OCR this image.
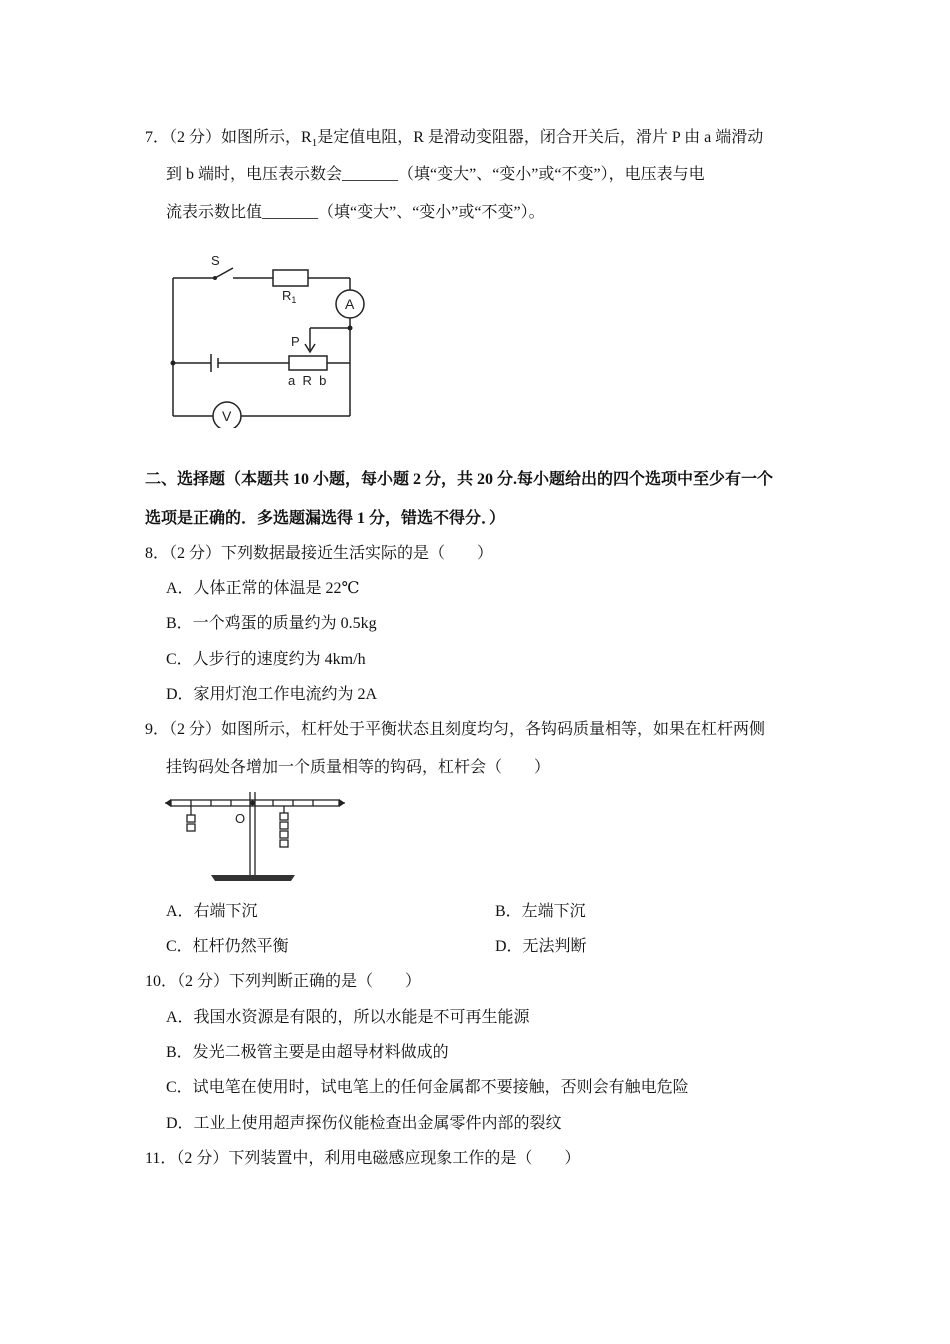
7．（2 分）如图所示，$R_1$是定值电阻，R 是滑动变阻器，闭合开关后，滑片 P 由 a 端滑动
到 b 端时，电压表示数会_______（填“变大”、“变小”或“不变”），电压表与电
流表示数比值_______（填“变大”、“变小”或“不变”）。
S
$R_1$	A
V
P
a  R  b
二、选择题（本题共 10 小题，每小题 2 分，共 20 分.每小题给出的四个选项中至少有一个
选项是正确的．多选题漏选得 1 分，错选不得分．）
8．（2 分）下列数据最接近生活实际的是（　　）
A．人体正常的体温是 22℃
B．一个鸡蛋的质量约为 0.5kg
C．人步行的速度约为 4km/h
D．家用灯泡工作电流约为 2A
9．（2 分）如图所示，杠杆处于平衡状态且刻度均匀，各钩码质量相等，如果在杠杆两侧
挂钩码处各增加一个质量相等的钩码，杠杆会（　　）
O
A．右端下沉	B．左端下沉
C．杠杆仍然平衡	D．无法判断
10．（2 分）下列判断正确的是（　　）
A．我国水资源是有限的，所以水能是不可再生能源
B．发光二极管主要是由超导材料做成的
C．试电笔在使用时，试电笔上的任何金属都不要接触，否则会有触电危险
D．工业上使用超声探伤仪能检查出金属零件内部的裂纹
11．（2 分）下列装置中，利用电磁感应现象工作的是（　　）
